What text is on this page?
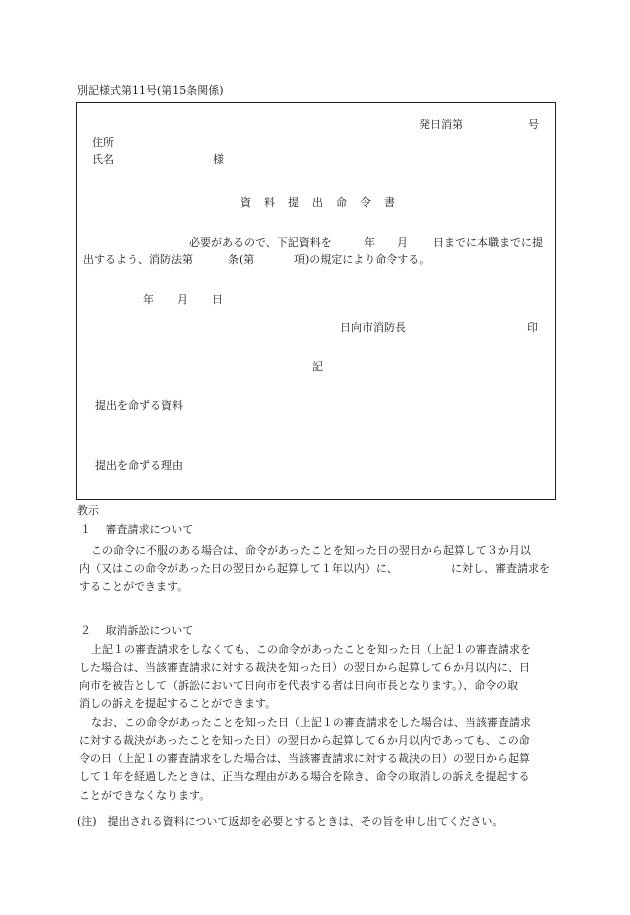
別記様式第11号(第15条関係)
発日消第	号
住所
氏名	様
資　料　提　出　命　令　書
必要があるので、下記資料を	年 月 日までに本職までに提
出するよう、消防法第	条(第	項)の規定により命令する。
年 月 日
日向市消防長	印
記
提出を命ずる資料
提出を命ずる理由
教示
１　 審査請求について
この命令に不服のある場合は、命令があったことを知った日の翌日から起算して３か月以
内（又はこの命令があった日の翌日から起算して１年以内）に、	に対し、審査請求を
することができます。
２　 取消訴訟について
上記１の審査請求をしなくても、この命令があったことを知った日（上記１の審査請求を
した場合は、当該審査請求に対する裁決を知った日）の翌日から起算して６か月以内に、日
向市を被告として（訴訟において日向市を代表する者は日向市長となります。）、命令の取
消しの訴えを提起することができます。
なお、この命令があったことを知った日（上記１の審査請求をした場合は、当該審査請求
に対する裁決があったことを知った日）の翌日から起算して６か月以内であっても、この命
令の日（上記１の審査請求をした場合は、当該審査請求に対する裁決の日）の翌日から起算
して１年を経過したときは、正当な理由がある場合を除き、命令の取消しの訴えを提起する
ことができなくなります。
(注)　提出される資料について返却を必要とするときは、その旨を申し出てください。
